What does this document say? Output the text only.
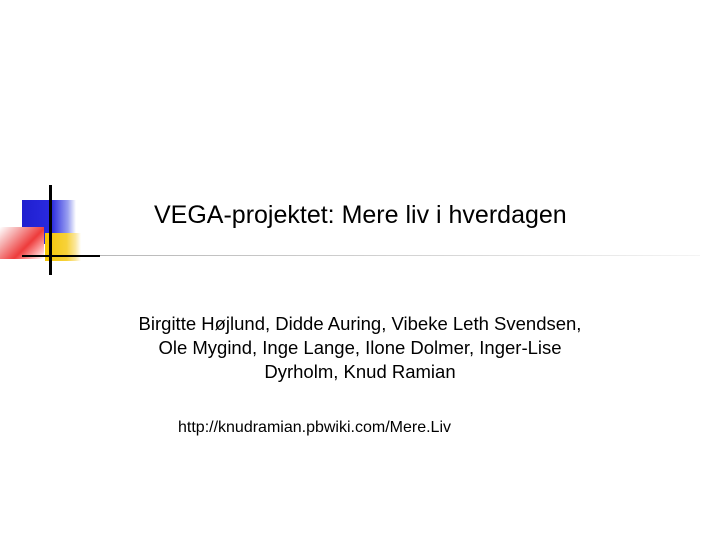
VEGA-projektet: Mere liv i hverdagen
Birgitte Højlund, Didde Auring, Vibeke Leth Svendsen,
Ole Mygind, Inge Lange, Ilone Dolmer, Inger-Lise
Dyrholm, Knud Ramian
http://knudramian.pbwiki.com/Mere.Liv
